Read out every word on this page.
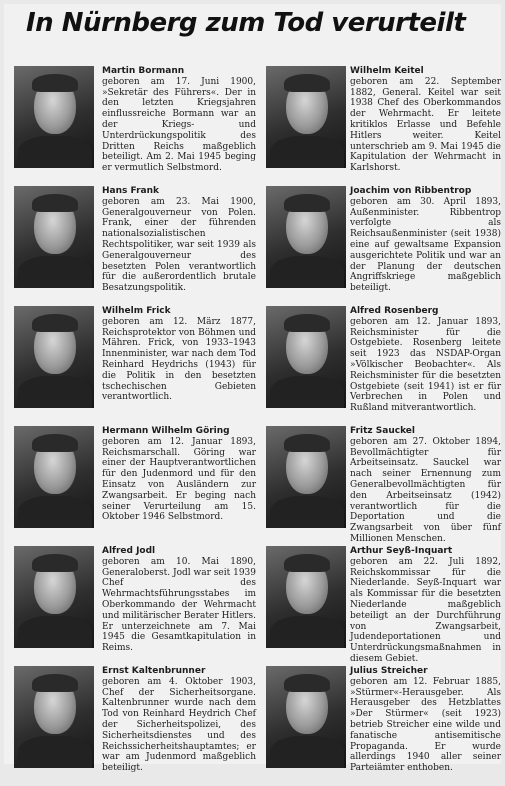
In Nürnberg zum Tod verurteilt
Martin Bormann
geboren am 17. Juni 1900, »Sekretär des Führers«. Der in den letzten Kriegsjahren einflussreiche Bormann war an der Kriegs- und Unterdrückungspolitik des Dritten Reichs maßgeblich beteiligt. Am 2. Mai 1945 beging er vermutlich Selbstmord.
Hans Frank
geboren am 23. Mai 1900, Generalgouverneur von Polen. Frank, einer der führenden nationalsozialistischen Rechtspolitiker, war seit 1939 als Generalgouverneur des besetzten Polen verantwortlich für die außerordentlich brutale Besatzungspolitik.
Wilhelm Frick
geboren am 12. März 1877, Reichsprotektor von Böhmen und Mähren. Frick, von 1933–1943 Innenminister, war nach dem Tod Reinhard Heydrichs (1943) für die Politik in den besetzten tschechischen Gebieten verantwortlich.
Hermann Wilhelm Göring
geboren am 12. Januar 1893, Reichsmarschall. Göring war einer der Hauptverantwortlichen für den Judenmord und für den Einsatz von Ausländern zur Zwangsarbeit. Er beging nach seiner Verurteilung am 15. Oktober 1946 Selbstmord.
Alfred Jodl
geboren am 10. Mai 1890, Generaloberst. Jodl war seit 1939 Chef des Wehrmachtsführungsstabes im Oberkommando der Wehrmacht und militärischer Berater Hitlers. Er unterzeichnete am 7. Mai 1945 die Gesamtkapitulation in Reims.
Ernst Kaltenbrunner
geboren am 4. Oktober 1903, Chef der Sicherheitsorgane. Kaltenbrunner wurde nach dem Tod von Reinhard Heydrich Chef der Sicherheitspolizei, des Sicherheitsdienstes und des Reichssicherheitshauptamtes; er war am Judenmord maßgeblich beteiligt.
Wilhelm Keitel
geboren am 22. September 1882, General. Keitel war seit 1938 Chef des Oberkommandos der Wehrmacht. Er leitete kritiklos Erlasse und Befehle Hitlers weiter. Keitel unterschrieb am 9. Mai 1945 die Kapitulation der Wehrmacht in Karlshorst.
Joachim von Ribbentrop
geboren am 30. April 1893, Außenminister. Ribbentrop verfolgte als Reichsaußenminister (seit 1938) eine auf gewaltsame Expansion ausgerichtete Politik und war an der Planung der deutschen Angriffskriege maßgeblich beteiligt.
Alfred Rosenberg
geboren am 12. Januar 1893, Reichsminister für die Ostgebiete. Rosenberg leitete seit 1923 das NSDAP-Organ »Völkischer Beobachter«. Als Reichsminister für die besetzten Ostgebiete (seit 1941) ist er für Verbrechen in Polen und Rußland mitverantwortlich.
Fritz Sauckel
geboren am 27. Oktober 1894, Bevollmächtigter für Arbeitseinsatz. Sauckel war nach seiner Ernennung zum Generalbevollmächtigten für den Arbeitseinsatz (1942) verantwortlich für die Deportation und die Zwangsarbeit von über fünf Millionen Menschen.
Arthur Seyß-Inquart
geboren am 22. Juli 1892, Reichskommissar für die Niederlande. Seyß-Inquart war als Kommissar für die besetzten Niederlande maßgeblich beteiligt an der Durchführung von Zwangsarbeit, Judendeportationen und Unterdrückungsmaßnahmen in diesem Gebiet.
Julius Streicher
geboren am 12. Februar 1885, »Stürmer«-Herausgeber. Als Herausgeber des Hetzblattes »Der Stürmer« (seit 1923) betrieb Streicher eine wilde und fanatische antisemitische Propaganda. Er wurde allerdings 1940 aller seiner Parteiämter enthoben.
